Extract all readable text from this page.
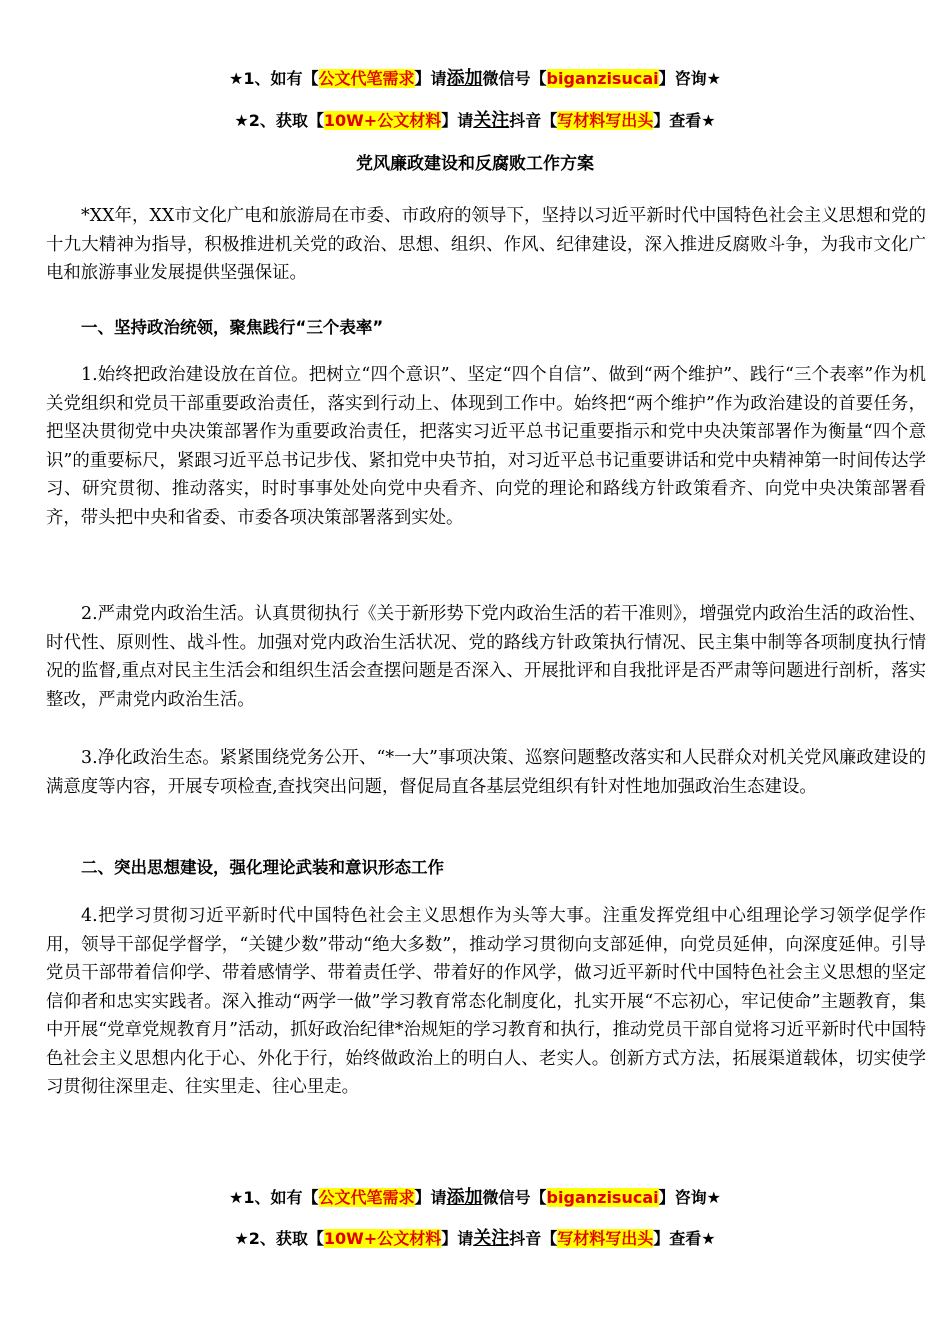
★1、如有【公文代笔需求】请添加微信号【biganzisucai】咨询★
★2、获取【10W+公文材料】请关注抖音【写材料写出头】查看★
党风廉政建设和反腐败工作方案

*XX年，XX市文化广电和旅游局在市委、市政府的领导下，坚持以习近平新时代中国特色社会主义思想和党的十九大精神为指导，积极推进机关党的政治、思想、组织、作风、纪律建设，深入推进反腐败斗争，为我市文化广电和旅游事业发展提供坚强保证。

一、坚持政治统领，聚焦践行“三个表率”

1.始终把政治建设放在首位。把树立“四个意识”、坚定“四个自信”、做到“两个维护”、践行“三个表率”作为机关党组织和党员干部重要政治责任，落实到行动上、体现到工作中。始终把“两个维护”作为政治建设的首要任务，把坚决贯彻党中央决策部署作为重要政治责任，把落实习近平总书记重要指示和党中央决策部署作为衡量“四个意识”的重要标尺，紧跟习近平总书记步伐、紧扣党中央节拍，对习近平总书记重要讲话和党中央精神第一时间传达学习、研究贯彻、推动落实，时时事事处处向党中央看齐、向党的理论和路线方针政策看齐、向党中央决策部署看齐，带头把中央和省委、市委各项决策部署落到实处。

2.严肃党内政治生活。认真贯彻执行《关于新形势下党内政治生活的若干准则》，增强党内政治生活的政治性、时代性、原则性、战斗性。加强对党内政治生活状况、党的路线方针政策执行情况、民主集中制等各项制度执行情况的监督,重点对民主生活会和组织生活会查摆问题是否深入、开展批评和自我批评是否严肃等问题进行剖析，落实整改，严肃党内政治生活。

3.净化政治生态。紧紧围绕党务公开、“*一大”事项决策、巡察问题整改落实和人民群众对机关党风廉政建设的满意度等内容，开展专项检查,查找突出问题，督促局直各基层党组织有针对性地加强政治生态建设。

二、突出思想建设，强化理论武装和意识形态工作

4.把学习贯彻习近平新时代中国特色社会主义思想作为头等大事。注重发挥党组中心组理论学习领学促学作用，领导干部促学督学，“关键少数”带动“绝大多数”，推动学习贯彻向支部延伸，向党员延伸，向深度延伸。引导党员干部带着信仰学、带着感情学、带着责任学、带着好的作风学，做习近平新时代中国特色社会主义思想的坚定信仰者和忠实实践者。深入推动“两学一做”学习教育常态化制度化，扎实开展“不忘初心，牢记使命”主题教育，集中开展“党章党规教育月”活动，抓好政治纪律*治规矩的学习教育和执行，推动党员干部自觉将习近平新时代中国特色社会主义思想内化于心、外化于行，始终做政治上的明白人、老实人。创新方式方法，拓展渠道载体，切实使学习贯彻往深里走、往实里走、往心里走。

★1、如有【公文代笔需求】请添加微信号【biganzisucai】咨询★
★2、获取【10W+公文材料】请关注抖音【写材料写出头】查看★
